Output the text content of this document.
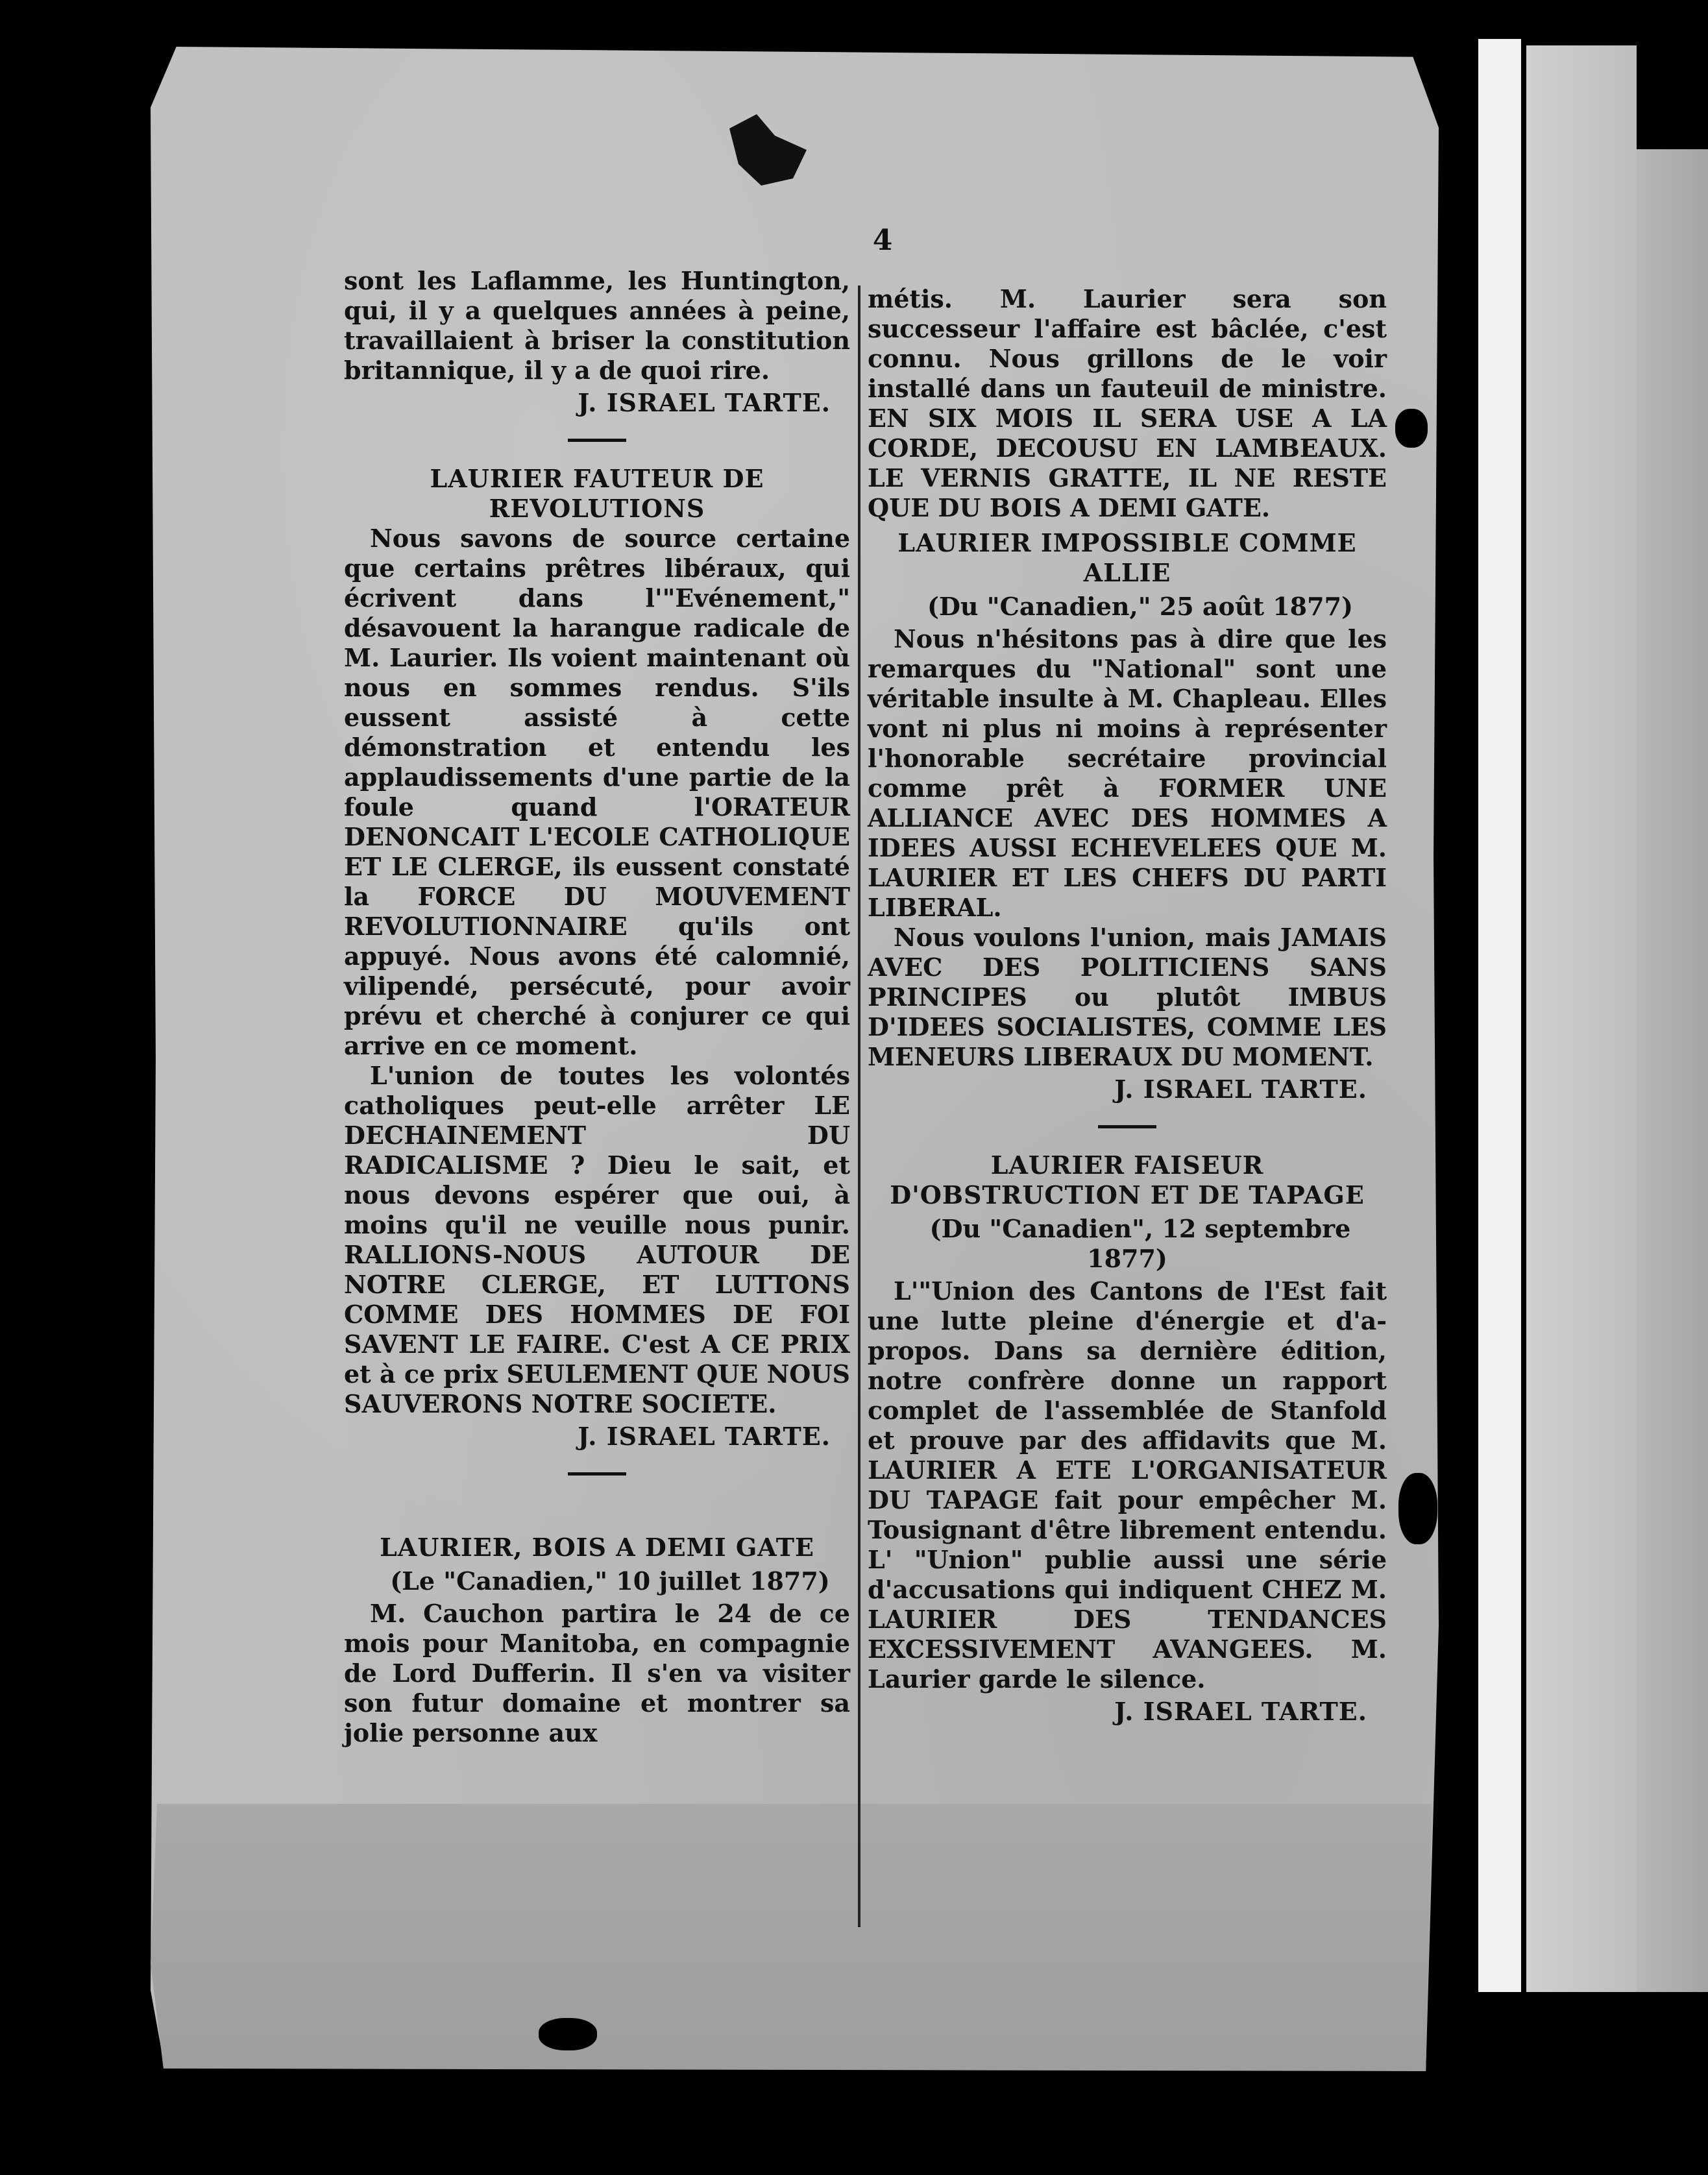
4

sont les Laflamme, les Huntington, qui, il y a quelques années à peine, travaillaient à briser la constitution britannique, il y a de quoi rire.

J. ISRAEL TARTE.

LAURIER FAUTEUR DE REVOLUTIONS

Nous savons de source certaine que certains prêtres libéraux, qui écrivent dans l'"Evénement," désavouent la harangue radicale de M. Laurier. Ils voient maintenant où nous en sommes rendus. S'ils eussent assisté à cette démonstration et entendu les applaudissements d'une partie de la foule quand l'ORATEUR DENONCAIT L'ECOLE CATHOLIQUE ET LE CLERGE, ils eussent constaté la FORCE DU MOUVEMENT REVOLUTIONNAIRE qu'ils ont appuyé. Nous avons été calomnié, vilipendé, persécuté, pour avoir prévu et cherché à conjurer ce qui arrive en ce moment.

L'union de toutes les volontés catholiques peut-elle arrêter LE DECHAINEMENT DU RADICALISME ? Dieu le sait, et nous devons espérer que oui, à moins qu'il ne veuille nous punir. RALLIONS-NOUS AUTOUR DE NOTRE CLERGE, ET LUTTONS COMME DES HOMMES DE FOI SAVENT LE FAIRE. C'est A CE PRIX et à ce prix SEULEMENT QUE NOUS SAUVERONS NOTRE SOCIETE.

J. ISRAEL TARTE.

LAURIER, BOIS A DEMI GATE

(Le "Canadien," 10 juillet 1877)

M. Cauchon partira le 24 de ce mois pour Manitoba, en compagnie de Lord Dufferin. Il s'en va visiter son futur domaine et montrer sa jolie personne aux

métis. M. Laurier sera son successeur l'affaire est bâclée, c'est connu. Nous grillons de le voir installé dans un fauteuil de ministre. EN SIX MOIS IL SERA USE A LA CORDE, DECOUSU EN LAMBEAUX. LE VERNIS GRATTE, IL NE RESTE QUE DU BOIS A DEMI GATE.

LAURIER IMPOSSIBLE COMME ALLIE

(Du "Canadien," 25 août 1877)

Nous n'hésitons pas à dire que les remarques du "National" sont une véritable insulte à M. Chapleau. Elles vont ni plus ni moins à représenter l'honorable secrétaire provincial comme prêt à FORMER UNE ALLIANCE AVEC DES HOMMES A IDEES AUSSI ECHEVELEES QUE M. LAURIER ET LES CHEFS DU PARTI LIBERAL.

Nous voulons l'union, mais JAMAIS AVEC DES POLITICIENS SANS PRINCIPES ou plutôt IMBUS D'IDEES SOCIALISTES, COMME LES MENEURS LIBERAUX DU MOMENT.

J. ISRAEL TARTE.

LAURIER FAISEUR D'OBSTRUCTION ET DE TAPAGE

(Du "Canadien", 12 septembre 1877)

L'"Union des Cantons de l'Est fait une lutte pleine d'énergie et d'a-propos. Dans sa dernière édition, notre confrère donne un rapport complet de l'assemblée de Stanfold et prouve par des affidavits que M. LAURIER A ETE L'ORGANISATEUR DU TAPAGE fait pour empêcher M. Tousignant d'être librement entendu. L' "Union" publie aussi une série d'accusations qui indiquent CHEZ M. LAURIER DES TENDANCES EXCESSIVEMENT AVANGEES. M. Laurier garde le silence.

J. ISRAEL TARTE.
